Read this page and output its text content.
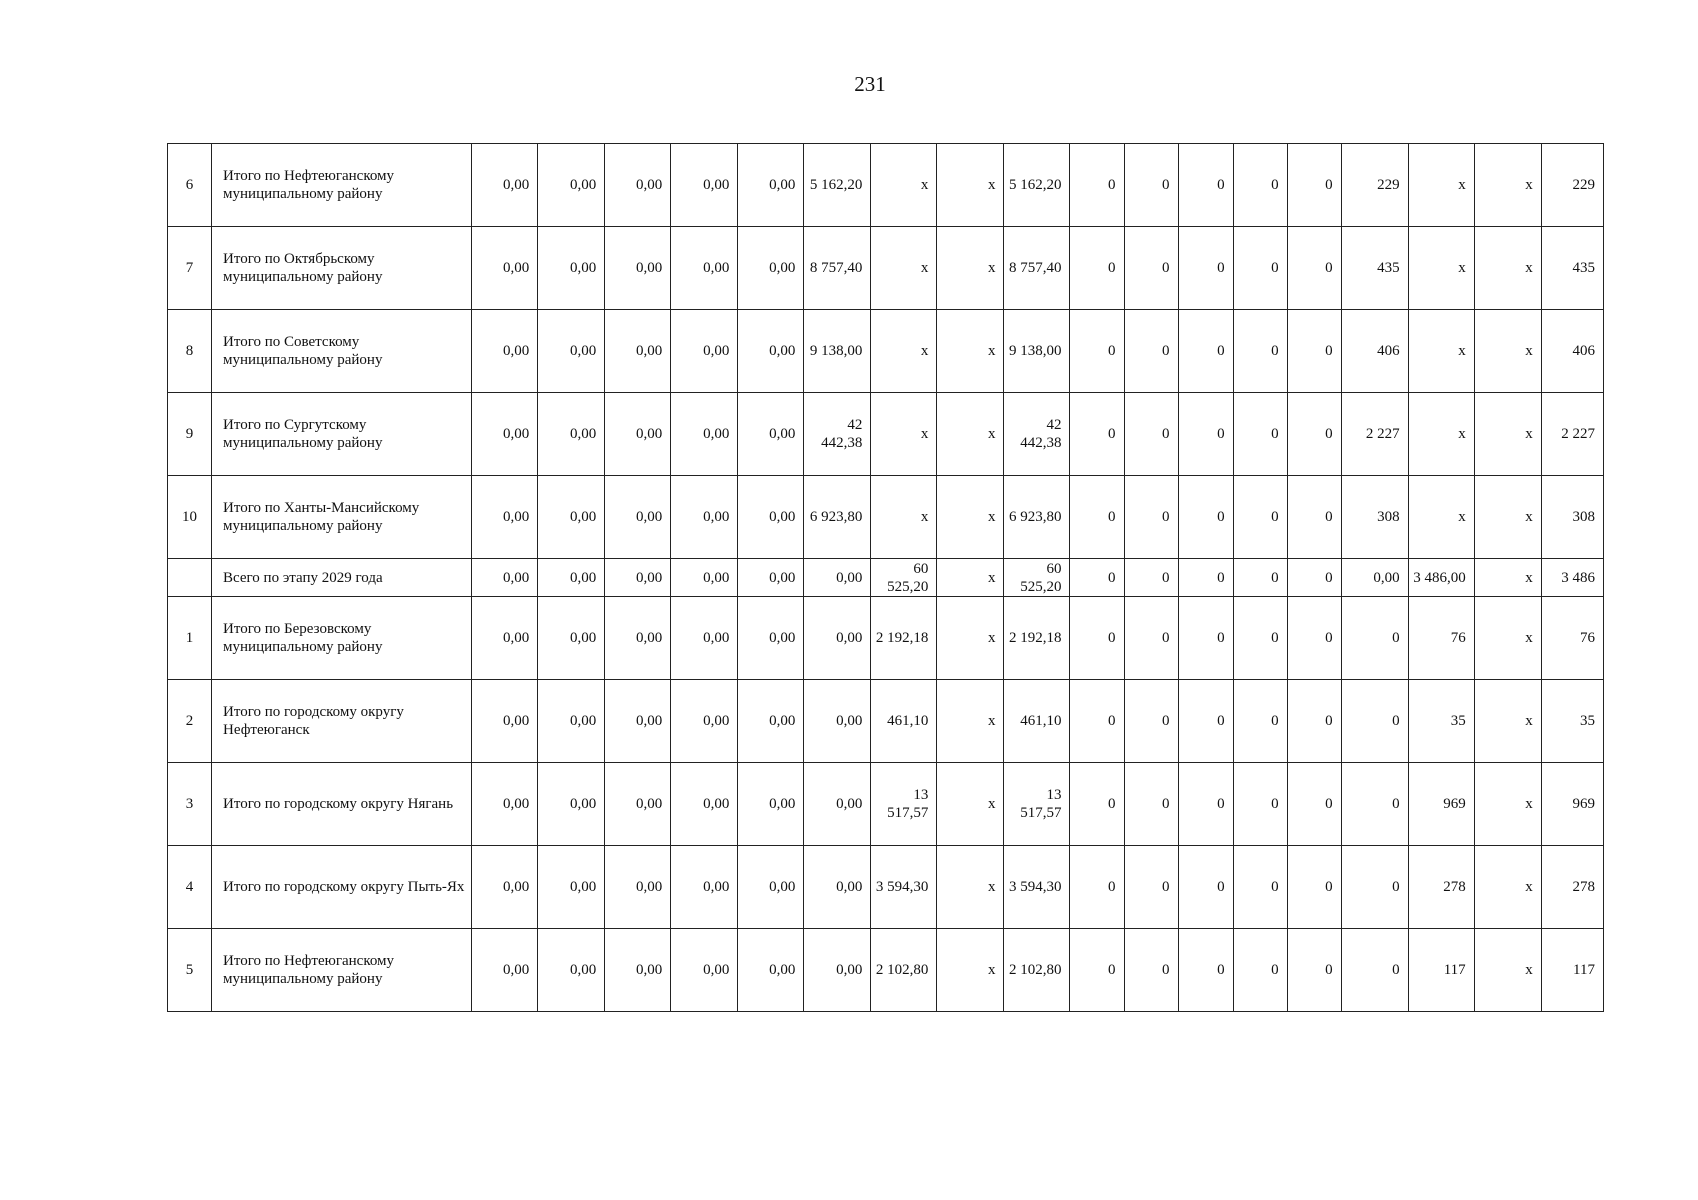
231
6	Итого по Нефтеюганскому муниципальному району	0,00	0,00	0,00	0,00	0,00	5 162,20	x	x	5 162,20	0	0	0	0	0	229	x	x	229
7	Итого по Октябрьскому муниципальному району	0,00	0,00	0,00	0,00	0,00	8 757,40	x	x	8 757,40	0	0	0	0	0	435	x	x	435
8	Итого по Советскому муниципальному району	0,00	0,00	0,00	0,00	0,00	9 138,00	x	x	9 138,00	0	0	0	0	0	406	x	x	406
9	Итого по Сургутскому муниципальному району	0,00	0,00	0,00	0,00	0,00	42 442,38	x	x	42 442,38	0	0	0	0	0	2 227	x	x	2 227
10	Итого по Ханты-Мансийскому муниципальному району	0,00	0,00	0,00	0,00	0,00	6 923,80	x	x	6 923,80	0	0	0	0	0	308	x	x	308
	Всего по этапу 2029 года	0,00	0,00	0,00	0,00	0,00	0,00	60 525,20	x	60 525,20	0	0	0	0	0	0,00	3 486,00	x	3 486
1	Итого по Березовскому муниципальному району	0,00	0,00	0,00	0,00	0,00	0,00	2 192,18	x	2 192,18	0	0	0	0	0	0	76	x	76
2	Итого по городскому округу Нефтеюганск	0,00	0,00	0,00	0,00	0,00	0,00	461,10	x	461,10	0	0	0	0	0	0	35	x	35
3	Итого по городскому округу Нягань	0,00	0,00	0,00	0,00	0,00	0,00	13 517,57	x	13 517,57	0	0	0	0	0	0	969	x	969
4	Итого по городскому округу Пыть-Ях	0,00	0,00	0,00	0,00	0,00	0,00	3 594,30	x	3 594,30	0	0	0	0	0	0	278	x	278
5	Итого по Нефтеюганскому муниципальному району	0,00	0,00	0,00	0,00	0,00	0,00	2 102,80	x	2 102,80	0	0	0	0	0	0	117	x	117
